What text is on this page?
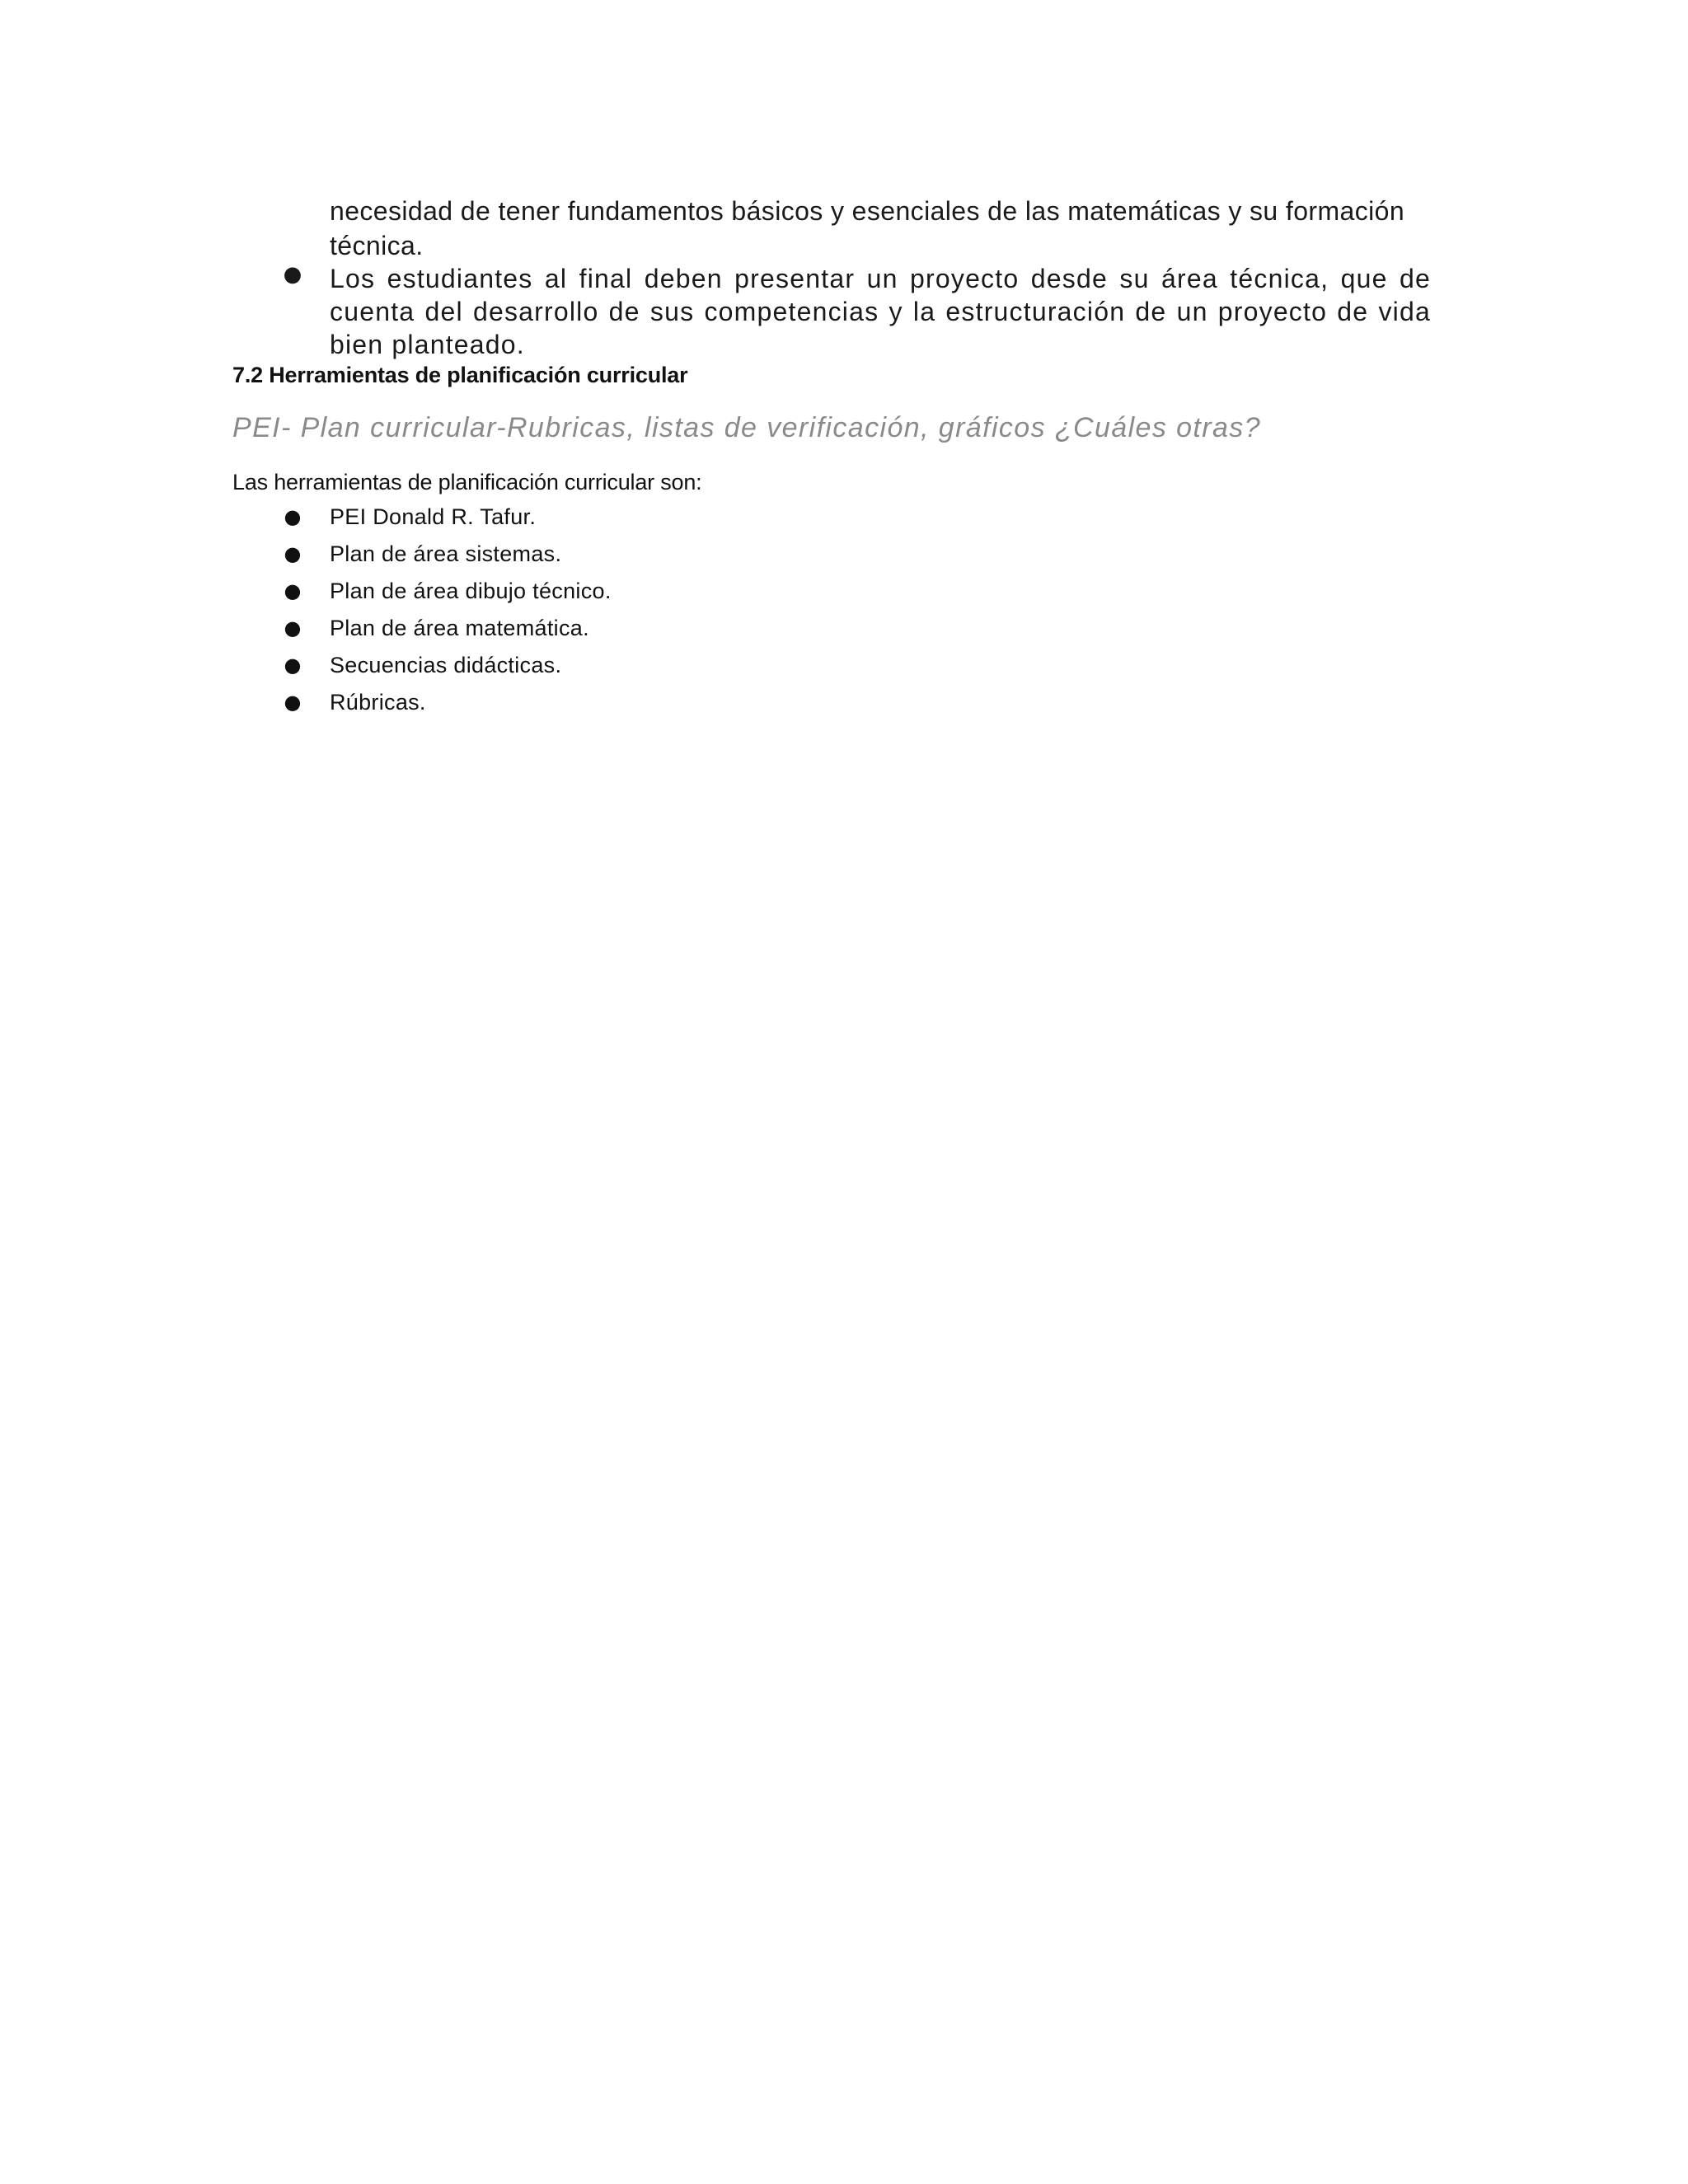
necesidad de tener fundamentos básicos y esenciales de las matemáticas y su formación
técnica.
● Los estudiantes al final deben presentar un proyecto desde su área técnica, que de cuenta del desarrollo de sus competencias y la estructuración de un proyecto de vida bien planteado.
7.2 Herramientas de planificación curricular
PEI- Plan curricular-Rubricas, listas de verificación, gráficos ¿Cuáles otras?
Las herramientas de planificación curricular son:
● PEI Donald R. Tafur.
● Plan de área sistemas.
● Plan de área dibujo técnico.
● Plan de área matemática.
● Secuencias didácticas.
● Rúbricas.
